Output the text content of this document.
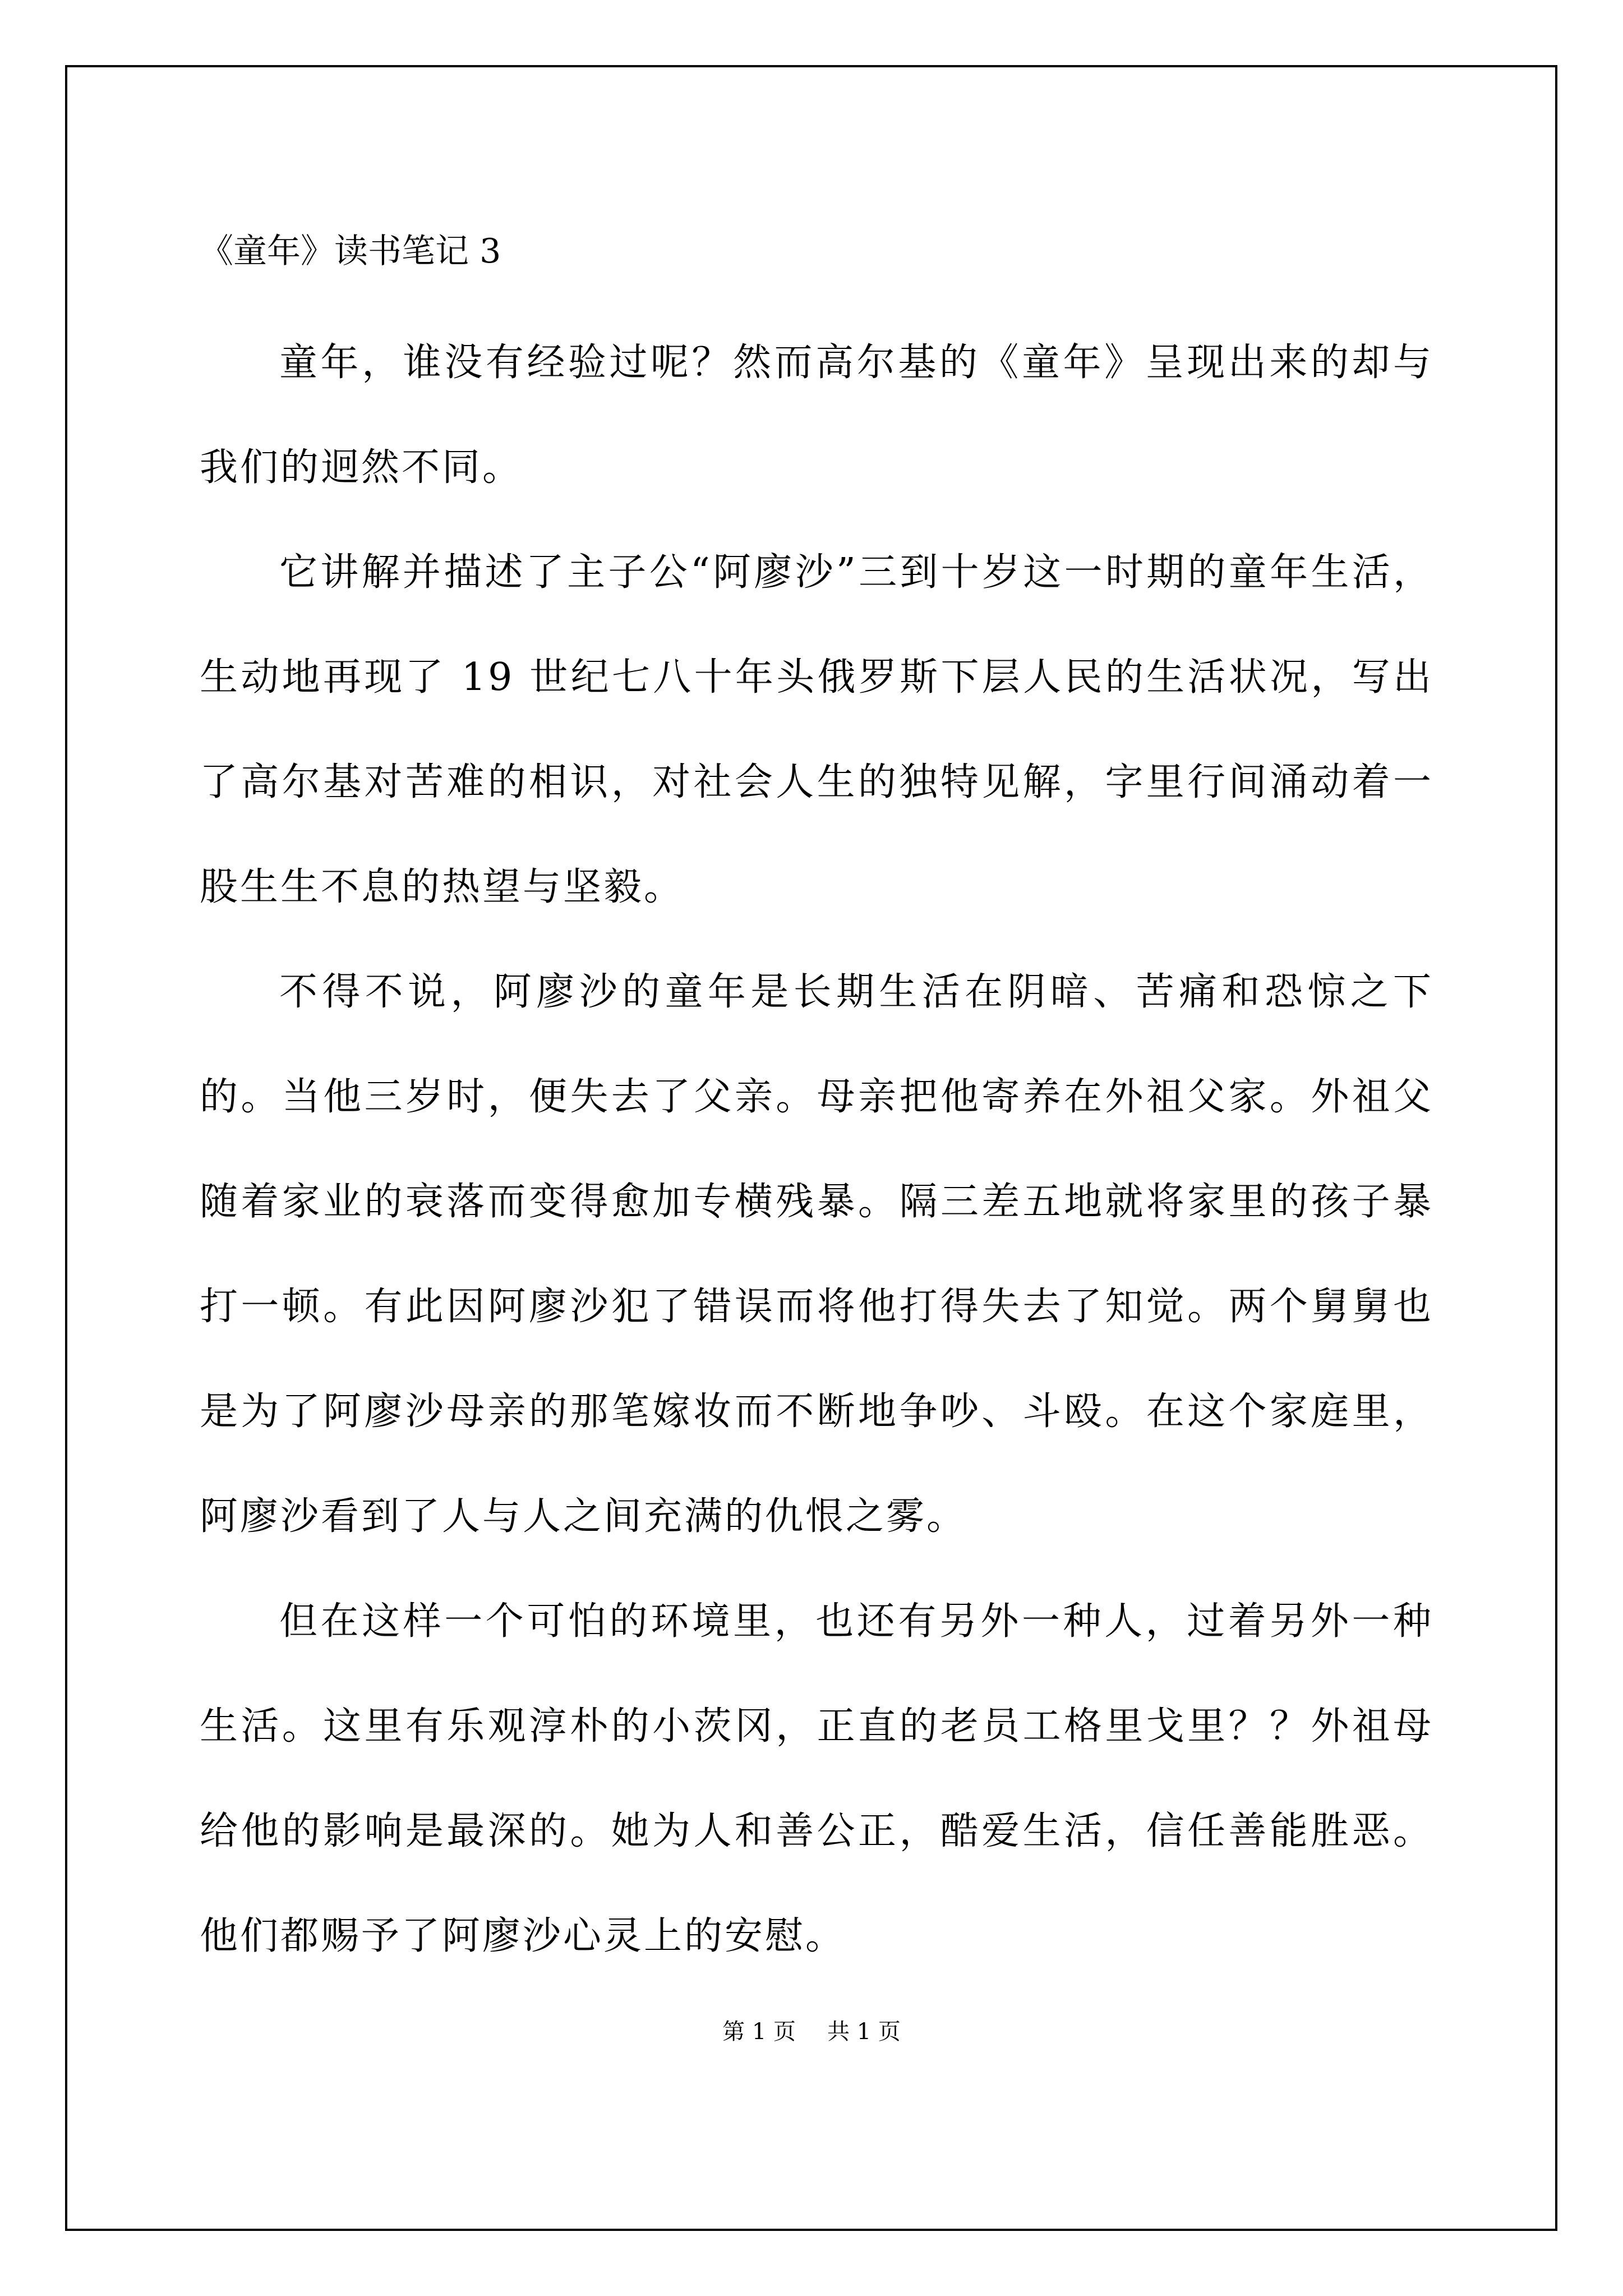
《童年》读书笔记 3

童年，谁没有经验过呢？然而高尔基的《童年》呈现出来的却与我们的迥然不同。

它讲解并描述了主子公“阿廖沙”三到十岁这一时期的童年生活，生动地再现了 19 世纪七八十年头俄罗斯下层人民的生活状况，写出了高尔基对苦难的相识，对社会人生的独特见解，字里行间涌动着一股生生不息的热望与坚毅。

不得不说，阿廖沙的童年是长期生活在阴暗、苦痛和恐惊之下的。当他三岁时，便失去了父亲。母亲把他寄养在外祖父家。外祖父随着家业的衰落而变得愈加专横残暴。隔三差五地就将家里的孩子暴打一顿。有此因阿廖沙犯了错误而将他打得失去了知觉。两个舅舅也是为了阿廖沙母亲的那笔嫁妆而不断地争吵、斗殴。在这个家庭里，阿廖沙看到了人与人之间充满的仇恨之雾。

但在这样一个可怕的环境里，也还有另外一种人，过着另外一种生活。这里有乐观淳朴的小茨冈，正直的老员工格里戈里？？外祖母给他的影响是最深的。她为人和善公正，酷爱生活，信任善能胜恶。他们都赐予了阿廖沙心灵上的安慰。

第 1 页 共 1 页
